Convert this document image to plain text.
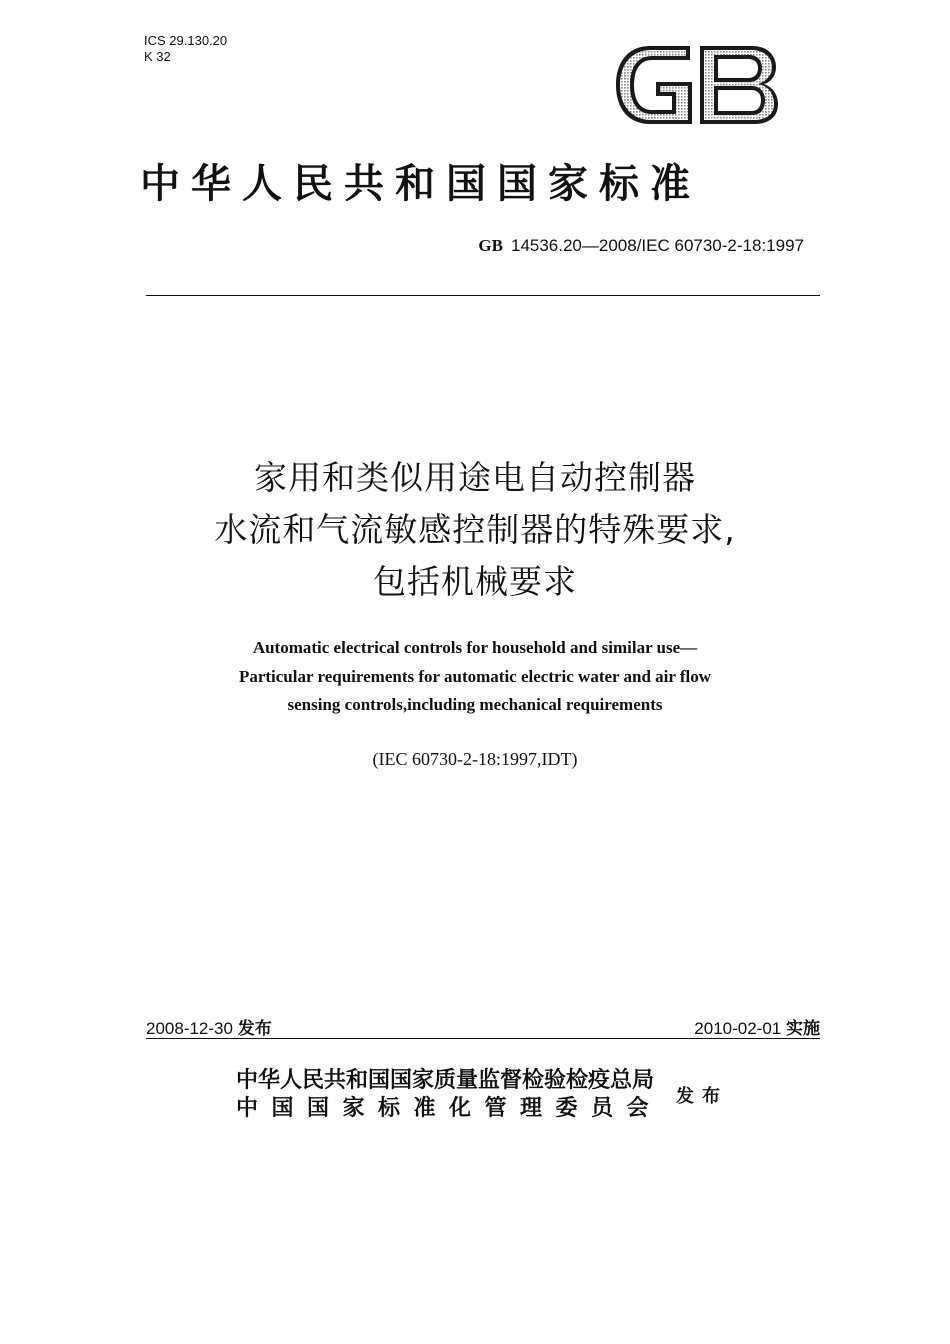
ICS 29.130.20
K 32
中华人民共和国国家标准
GB 14536.20—2008/IEC 60730-2-18:1997
家用和类似用途电自动控制器
水流和气流敏感控制器的特殊要求,
包括机械要求
Automatic electrical controls for household and similar use—
Particular requirements for automatic electric water and air flow
sensing controls,including mechanical requirements
(IEC 60730-2-18:1997,IDT)
2008-12-30 发布	2010-02-01 实施
中华人民共和国国家质量监督检验检疫总局
中国国家标准化管理委员会 发布
